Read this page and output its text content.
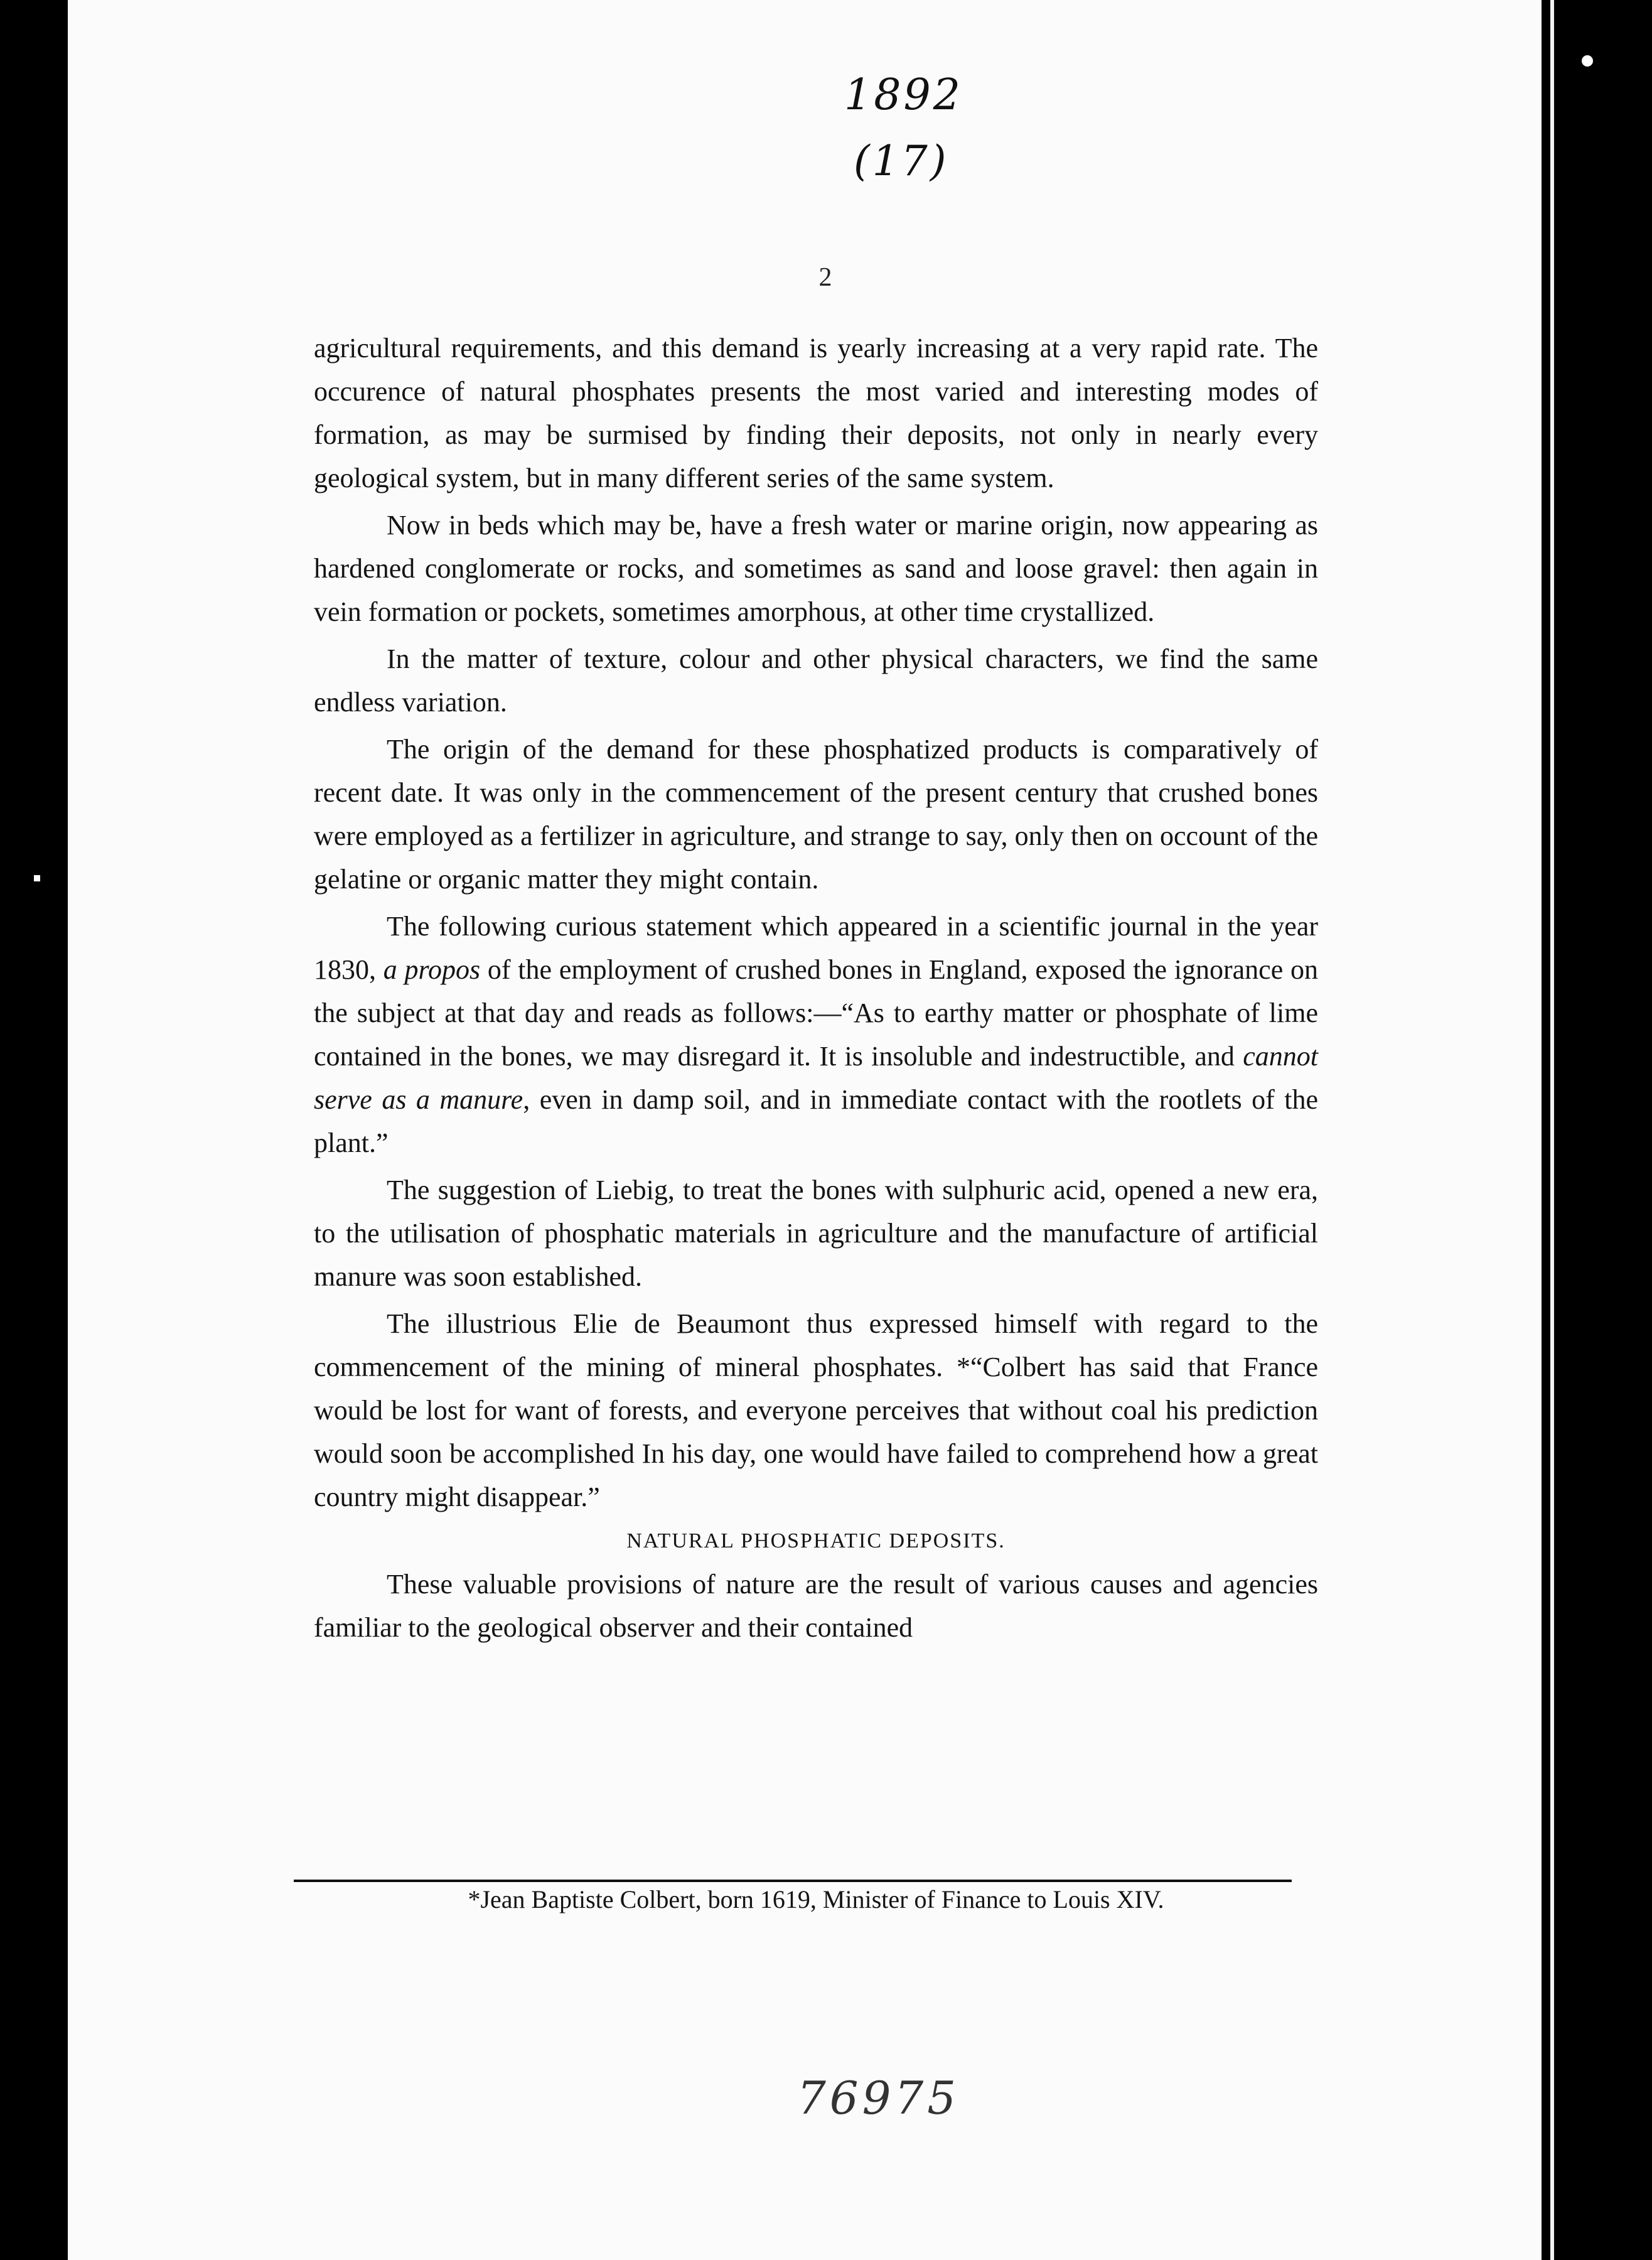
1892
(17)
2

agricultural requirements, and this demand is yearly increasing at a very rapid rate. The occurence of natural phosphates presents the most varied and interesting modes of formation, as may be surmised by finding their deposits, not only in nearly every geological system, but in many different series of the same system.

Now in beds which may be, have a fresh water or marine origin, now appearing as hardened conglomerate or rocks, and sometimes as sand and loose gravel: then again in vein formation or pockets, sometimes amorphous, at other time crystallized.

In the matter of texture, colour and other physical characters, we find the same endless variation.

The origin of the demand for these phosphatized products is comparatively of recent date. It was only in the commencement of the present century that crushed bones were employed as a fertilizer in agriculture, and strange to say, only then on occount of the gelatine or organic matter they might contain.

The following curious statement which appeared in a scientific journal in the year 1830, a propos of the employment of crushed bones in England, exposed the ignorance on the subject at that day and reads as follows:—“As to earthy matter or phosphate of lime contained in the bones, we may disregard it. It is insoluble and indestructible, and cannot serve as a manure, even in damp soil, and in immediate contact with the rootlets of the plant.”

The suggestion of Liebig, to treat the bones with sulphuric acid, opened a new era, to the utilisation of phosphatic materials in agriculture and the manufacture of artificial manure was soon established.

The illustrious Elie de Beaumont thus expressed himself with regard to the commencement of the mining of mineral phosphates. *“Colbert has said that France would be lost for want of forests, and everyone perceives that without coal his prediction would soon be accomplished In his day, one would have failed to comprehend how a great country might disappear.”

NATURAL PHOSPHATIC DEPOSITS.

These valuable provisions of nature are the result of various causes and agencies familiar to the geological observer and their contained

*Jean Baptiste Colbert, born 1619, Minister of Finance to Louis XIV.
76975
